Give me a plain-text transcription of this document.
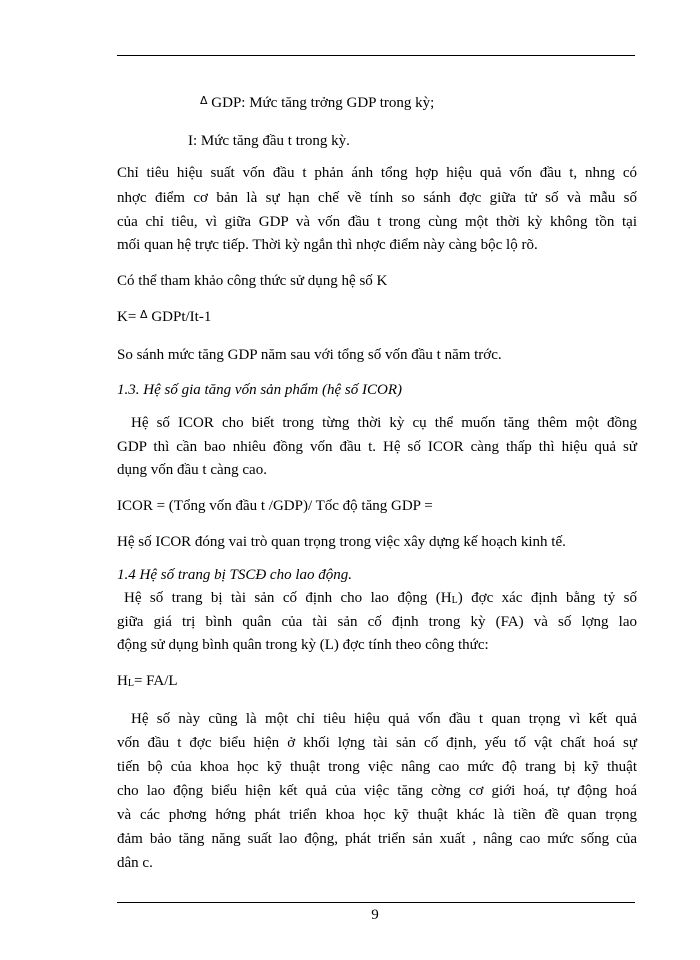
$^\Delta$ GDP: Mức tăng trởng GDP trong kỳ;
I: Mức tăng đầu t trong kỳ.
Chỉ tiêu hiệu suất vốn đầu t phản ánh tổng hợp hiệu quả vốn đầu t, nhng có
nhợc điểm cơ bản là sự hạn chế về tính so sánh đợc giữa tử số và mẫu số
của chỉ tiêu, vì giữa GDP và vốn đầu t trong cùng một thời kỳ không tồn tại
mối quan hệ trực tiếp. Thời kỳ ngắn thì nhợc điểm này càng bộc lộ rõ.
Có thể tham khảo công thức sử dụng hệ số K
K= $^\Delta$ GDPt/It-1
So sánh mức tăng GDP năm sau với tổng số vốn đầu t năm trớc.
1.3. Hệ số gia tăng vốn sản phẩm (hệ số ICOR)
Hệ số ICOR cho biết trong từng thời kỳ cụ thể muốn tăng thêm một đồng
GDP thì cần bao nhiêu đồng vốn đầu t. Hệ số ICOR càng thấp thì hiệu quả sử
dụng vốn đầu t càng cao.
ICOR = (Tổng vốn đầu t /GDP)/ Tốc độ tăng GDP =
Hệ số ICOR đóng vai trò quan trọng trong việc xây dựng kế hoạch kinh tế.
1.4 Hệ số trang bị TSCĐ cho lao động.
Hệ số trang bị tài sản cố định cho lao động $(H_L)$ đợc xác định bằng tỷ số
giữa giá trị bình quân của tài sản cố định trong kỳ (FA) và số lợng lao
động sử dụng bình quân trong kỳ (L) đợc tính theo công thức:
$H_L= FA/L$
Hệ số này cũng là một chỉ tiêu hiệu quả vốn đầu t quan trọng vì kết quả
vốn đầu t đợc biểu hiện ở khối lợng tài sản cố định, yếu tố vật chất hoá sự
tiến bộ của khoa học kỹ thuật trong việc nâng cao mức độ trang bị kỹ thuật
cho lao động biểu hiện kết quả của việc tăng cờng cơ giới hoá, tự động hoá
và các phơng hớng phát triển khoa học kỹ thuật khác là tiền đề quan trọng
đảm bảo tăng năng suất lao động, phát triển sản xuất , nâng cao mức sống của
dân c.
9
